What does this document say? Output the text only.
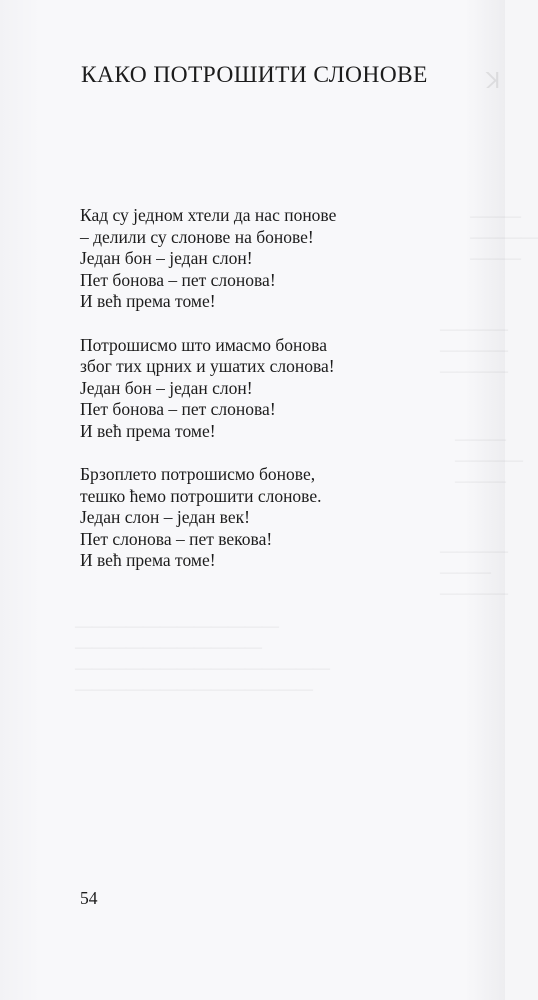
ꓘ
―――
――――
―――
――――
――――
――――
―――
――――
―――
――――
―――
――――
――――――――――――
―――――――――――
―――――――――――――――
――――――――――――――
КАКО ПОТРОШИТИ СЛОНОВЕ
Кад су једном хтели да нас понове
– делили су слонове на бонове!
Један бон – један слон!
Пет бонова – пет слонова!
И већ према томе!
Потрошисмо што имасмо бонова
због тих црних и ушатих слонова!
Један бон – један слон!
Пет бонова – пет слонова!
И већ према томе!
Брзоплето потрошисмо бонове,
тешко ћемо потрошити слонове.
Један слон – један век!
Пет слонова – пет векова!
И већ према томе!
54
